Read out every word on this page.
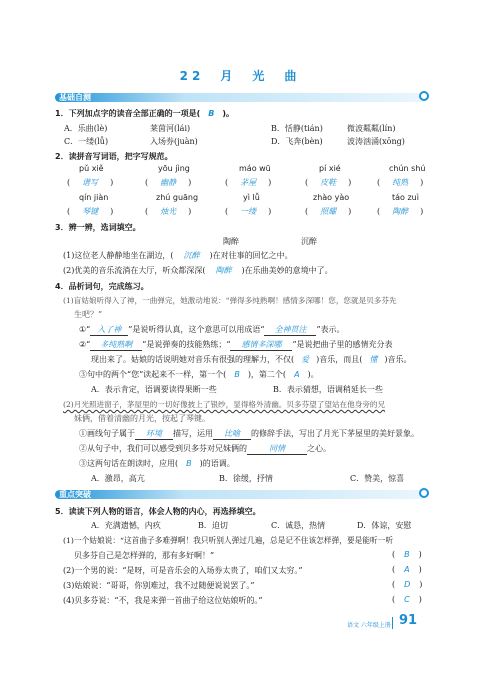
22　月　光　曲
基础自测
1．下列加点字的读音全部正确的一项是( B )。
A．乐曲(lè)	莱茵河(lái)	B．恬静(tián)	微波粼粼(lín)
C．一缕(lǚ)	入场券(juàn)	D．飞奔(bèn)	波涛汹涌(xōng)
2．读拼音写词语，把字写规范。
pǔ xiě	yōu jìng	máo wū	pí xié	chún shú
( 谱写 )	( 幽静 )	( 茅屋 )	( 皮鞋 )	( 纯熟 )
qín jiàn	zhú guāng	yì lǚ	zhào yào	táo zuì
( 琴键 )	( 烛光 )	( 一缕 )	( 照耀 )	( 陶醉 )
3．辨一辨，选词填空。
陶醉	沉醉
(1)这位老人静静地坐在湖边，( 沉醉 )在对往事的回忆之中。
(2)优美的音乐流淌在大厅，听众都深深( 陶醉 )在乐曲美妙的意境中了。
4．品析词句，完成练习。
(1)盲姑娘听得入了神，一曲弹完，她激动地说：“弹得多纯熟啊！感情多深哪！您，您就是贝多芬先
生吧？”
①“ 入了神 ”是说听得认真，这个意思可以用成语“ 全神贯注 ”表示。
②“ 多纯熟啊 ”是说弹奏的技能熟练；“ 感情多深哪 ”是说把曲子里的感情充分表
现出来了。姑娘的话说明她对音乐有很强的理解力，不仅( 爱 )音乐，而且( 懂 )音乐。
③句中的两个“您”读起来不一样，第一个( B )，第二个( A )。
A．表示肯定，语调要读得果断一些	B．表示猜想，语调稍延长一些
(2)月光照进窗子，茅屋里的一切好像披上了银纱，显得格外清幽。贝多芬望了望站在他身旁的兄
妹俩，借着清幽的月光，按起了琴键。
①画线句子属于 环境 描写，运用 比喻 的修辞手法，写出了月光下茅屋里的美好景象。
②从句子中，我们可以感受到贝多芬对兄妹俩的	同情	之心。
③这两句话在朗读时，应用( B )的语调。
A．激昂，高亢	B．徐缓，抒情	C．赞美，惊喜
重点突破
5．读读下列人物的语言，体会人物的内心，再选择填空。
A．充满遗憾，内疚	B．迫切	C．诚恳，热情	D．体谅，安慰
(1)一个姑娘说：“这首曲子多难弹啊！我只听别人弹过几遍，总是记不住该怎样弹，要是能听一听
贝多芬自己是怎样弹的，那有多好啊！”	( B )
(2)一个男的说：“是呀，可是音乐会的入场券太贵了，咱们又太穷。”	( A )
(3)姑娘说：“哥哥，你别难过，我不过随便说说罢了。”	( D )
(4)贝多芬说：“不，我是来弹一首曲子给这位姑娘听的。”	( C )
语文 六年级上册 91
